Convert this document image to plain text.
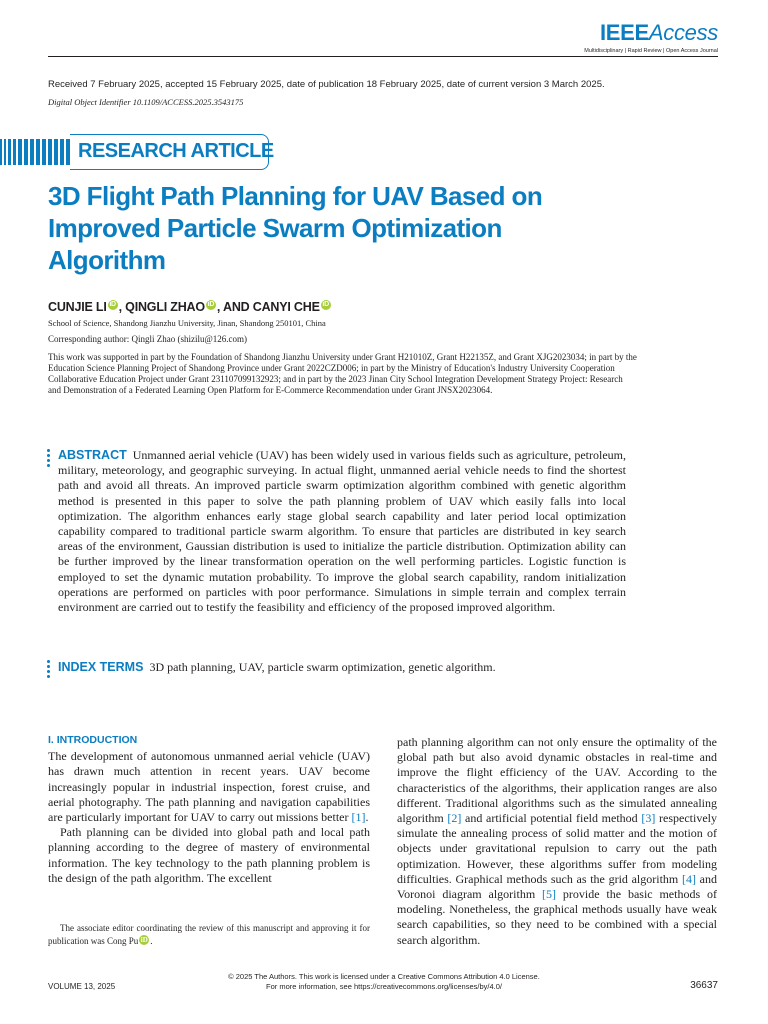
IEEEAccess
Multidisciplinary | Rapid Review | Open Access Journal
Received 7 February 2025, accepted 15 February 2025, date of publication 18 February 2025, date of current version 3 March 2025.
Digital Object Identifier 10.1109/ACCESS.2025.3543175
RESEARCH ARTICLE
3D Flight Path Planning for UAV Based on
Improved Particle Swarm Optimization
Algorithm
CUNJIE LI iD , QINGLI ZHAO iD , AND CANYI CHE iD
School of Science, Shandong Jianzhu University, Jinan, Shandong 250101, China
Corresponding author: Qingli Zhao (shizilu@126.com)
This work was supported in part by the Foundation of Shandong Jianzhu University under Grant H21010Z, Grant H22135Z, and Grant XJG2023034; in part by the Education Science Planning Project of Shandong Province under Grant 2022CZD006; in part by the Ministry of Education's Industry University Cooperation Collaborative Education Project under Grant 231107099132923; and in part by the 2023 Jinan City School Integration Development Strategy Project: Research and Demonstration of a Federated Learning Open Platform for E-Commerce Recommendation under Grant JNSX2023064.
ABSTRACT Unmanned aerial vehicle (UAV) has been widely used in various fields such as agriculture, petroleum, military, meteorology, and geographic surveying. In actual flight, unmanned aerial vehicle needs to find the shortest path and avoid all threats. An improved particle swarm optimization algorithm combined with genetic algorithm method is presented in this paper to solve the path planning problem of UAV which easily falls into local optimization. The algorithm enhances early stage global search capability and later period local optimization capability compared to traditional particle swarm algorithm. To ensure that particles are distributed in key search areas of the environment, Gaussian distribution is used to initialize the particle distribution. Optimization ability can be further improved by the linear transformation operation on the well performing particles. Logistic function is employed to set the dynamic mutation probability. To improve the global search capability, random initialization operations are performed on particles with poor performance. Simulations in simple terrain and complex terrain environment are carried out to testify the feasibility and efficiency of the proposed improved algorithm.
INDEX TERMS 3D path planning, UAV, particle swarm optimization, genetic algorithm.
I. INTRODUCTION

The development of autonomous unmanned aerial vehicle (UAV) has drawn much attention in recent years. UAV become increasingly popular in industrial inspection, forest cruise, and aerial photography. The path planning and navigation capabilities are particularly important for UAV to carry out missions better [1].

Path planning can be divided into global path and local path planning according to the degree of mastery of environmental information. The key technology to the path planning problem is the design of the path algorithm. The excellent

The associate editor coordinating the review of this manuscript and approving it for publication was Cong Pu iD .

path planning algorithm can not only ensure the optimality of the global path but also avoid dynamic obstacles in real-time and improve the flight efficiency of the UAV. According to the characteristics of the algorithms, their application ranges are also different. Traditional algorithms such as the simulated annealing algorithm [2] and artificial potential field method [3] respectively simulate the annealing process of solid matter and the motion of objects under gravitational repulsion to carry out the path optimization. However, these algorithms suffer from modeling difficulties. Graphical methods such as the grid algorithm [4] and Voronoi diagram algorithm [5] provide the basic methods of modeling. Nonetheless, the graphical methods usually have weak search capabilities, so they need to be combined with a special search algorithm.

© 2025 The Authors. This work is licensed under a Creative Commons Attribution 4.0 License.
For more information, see https://creativecommons.org/licenses/by/4.0/
VOLUME 13, 2025	36637
